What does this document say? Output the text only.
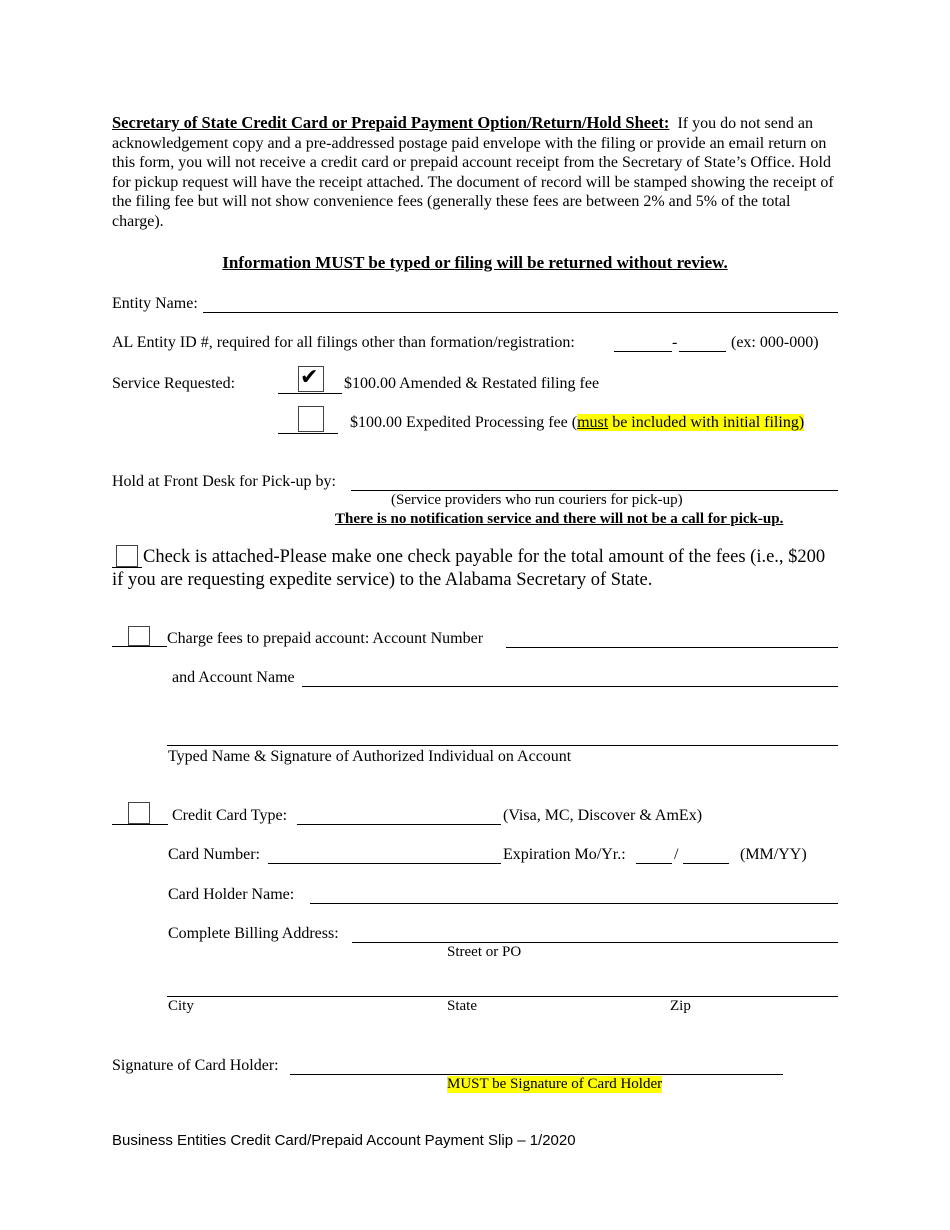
Secretary of State Credit Card or Prepaid Payment Option/Return/Hold Sheet: If you do not send an acknowledgement copy and a pre-addressed postage paid envelope with the filing or provide an email return on this form, you will not receive a credit card or prepaid account receipt from the Secretary of State’s Office. Hold for pickup request will have the receipt attached. The document of record will be stamped showing the receipt of the filing fee but will not show convenience fees (generally these fees are between 2% and 5% of the total charge).
Information MUST be typed or filing will be returned without review.
Entity Name:
AL Entity ID #, required for all filings other than formation/registration:	-	(ex: 000-000)
Service Requested:	✔ $100.00 Amended & Restated filing fee
$100.00 Expedited Processing fee (must be included with initial filing)
Hold at Front Desk for Pick-up by:
(Service providers who run couriers for pick-up)
There is no notification service and there will not be a call for pick-up.
Check is attached-Please make one check payable for the total amount of the fees (i.e., $200
if you are requesting expedite service) to the Alabama Secretary of State.
Charge fees to prepaid account: Account Number
and Account Name
Typed Name & Signature of Authorized Individual on Account
Credit Card Type:	(Visa, MC, Discover & AmEx)
Card Number:	Expiration Mo/Yr.:	/	(MM/YY)
Card Holder Name:
Complete Billing Address:
Street or PO
City	State	Zip
Signature of Card Holder:
MUST be Signature of Card Holder
Business Entities Credit Card/Prepaid Account Payment Slip – 1/2020
